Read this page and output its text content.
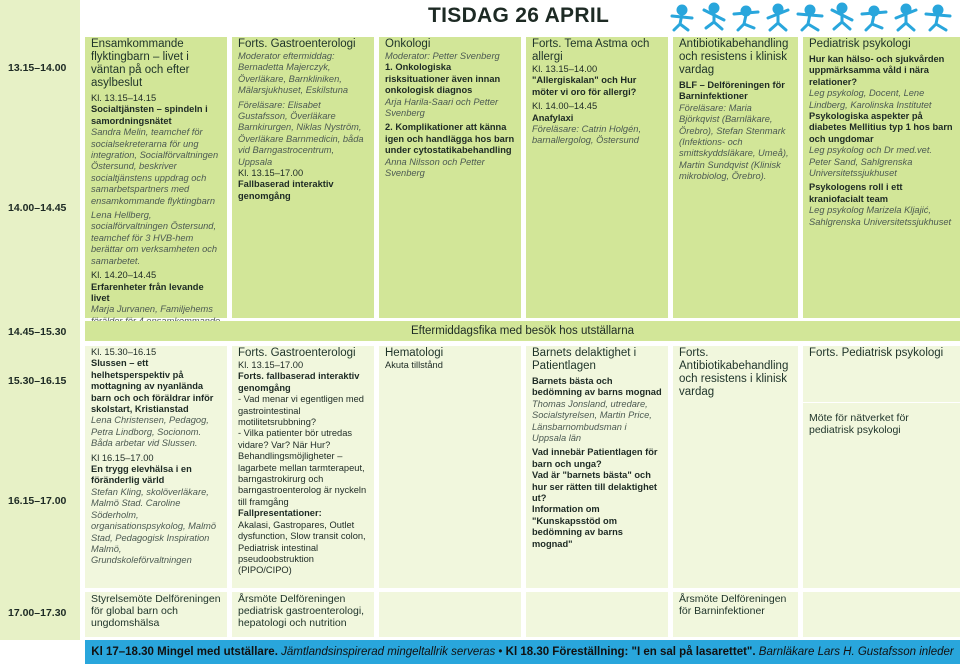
13.15–14.00
14.00–14.45
14.45–15.30
15.30–16.15
16.15–17.00
17.00–17.30
TISDAG 26 APRIL

Ensamkommande flyktingbarn – livet i väntan på och efter asylbeslut

Kl. 13.15–14.15

Socialtjänsten – spindeln i samordningsnätet

Sandra Melin, teamchef för socialsekreterarna för ung integration, Socialförvaltningen Östersund, beskriver socialtjänstens uppdrag och samarbetspartners med ensamkommande flyktingbarn

Lena Hellberg, socialförvaltningen Östersund, teamchef för 3 HVB-hem berättar om verksamheten och samarbetet.

Kl. 14.20–14.45

Erfarenheter från levande livet

Marja Jurvanen, Familjehems

Forts. Gastroenterologi

Moderator eftermiddag: Bernadetta Majerczyk, Överläkare, Barnkliniken, Mälarsjukhuset, Eskilstuna

Föreläsare: Elisabet Gustafsson, Överläkare Barnkirurgen, Niklas Nyström, Överläkare Barnmedicin, båda vid Barngastrocentrum, Uppsala

Kl. 13.15–17.00

Fallbaserad interaktiv genomgång

Onkologi

Moderator: Petter Svenberg

1. Onkologiska risksituationer även innan onkologisk diagnos

Arja Harila-Saari och Petter Svenberg

2. Komplikationer att känna igen och handlägga hos barn under cytostatikabehandling

Anna Nilsson och Petter Svenberg

Forts. Tema Astma och allergi

Kl. 13.15–14.00

"Allergiskalan" och Hur möter vi oro för allergi?

Kl. 14.00–14.45

Anafylaxi

Föreläsare: Catrin Holgén, barnallergolog, Östersund

Antibiotikabehandling och resistens i klinisk vardag

BLF – Delföreningen för Barninfektioner

Föreläsare: Maria Björkqvist (Barnläkare, Örebro), Stefan Stenmark (Infektions- och smittskyddsläkare, Umeå), Martin Sundqvist (Klinisk mikrobiolog, Örebro).

Pediatrisk psykologi

Hur kan hälso- och sjukvården uppmärksamma våld i nära relationer?

Leg psykolog, Docent, Lene Lindberg, Karolinska Institutet

Psykologiska aspekter på diabetes Mellitius typ 1 hos barn och ungdomar

Leg psykolog och Dr med.vet. Peter Sand, Sahlgrenska Universitetssjukhuset

Psykologens roll i ett kraniofacialt team

Leg psykolog Marizela Kljajić, Sahlgrenska Universitetssjukhuset

Eftermiddagsfika med besök hos utställarna

Kl. 15.30–16.15

Slussen – ett helhetsperspektiv på mottagning av nyanlända barn och och föräldrar inför skolstart, Kristianstad

Lena Christensen, Pedagog, Petra Lindborg, Socionom. Båda arbetar vid Slussen.

Kl 16.15–17.00

En trygg elevhälsa i en föränderlig värld

Stefan Kling, skolöverläkare, Malmö Stad. Caroline Söderholm, organisationspsykolog, Malmö Stad, Pedagogisk Inspiration Malmö, Grundskoleförvaltningen

Forts. Gastroenterologi

Kl. 13.15–17.00

Forts. fallbaserad interaktiv genomgång

- Vad menar vi egentligen med gastrointestinal motilitetsrubbning?
- Vilka patienter bör utredas vidare? Var? När Hur? Behandlingsmöjligheter – lagarbete mellan tarmterapeut, barngastrokirurg och barngastroenterolog är nyckeln till framgång

Fallpresentationer:

Akalasi, Gastropares, Outlet dysfunction, Slow transit colon, Pediatrisk intestinal pseudoobstruktion (PIPO/CIPO)

Hematologi

Akuta tillstånd

Barnets delaktighet i Patientlagen

Barnets bästa och bedömning av barns mognad

Thomas Jonsland, utredare, Socialstyrelsen, Martin Price, Länsbarnombudsman i Uppsala län

Vad innebär Patientlagen för barn och unga?

Vad är "barnets bästa" och hur ser rätten till delaktighet ut?

Information om "Kunskapsstöd om bedömning av barns mognad"

Forts. Antibiotikabehandling och resistens i klinisk vardag

Forts. Pediatrisk psykologi

Möte för nätverket för pediatrisk psykologi

Styrelsemöte Delföreningen för global barn och ungdomshälsa

Årsmöte Delföreningen pediatrisk gastroenterologi, hepatologi och nutrition

Årsmöte Delföreningen för Barninfektioner

Kl 17–18.30 Mingel med utställare. Jämtlandsinspirerad mingeltallrik serveras • Kl 18.30 Föreställning: "I en sal på lasarettet". Barnläkare Lars H. Gustafsson inleder
